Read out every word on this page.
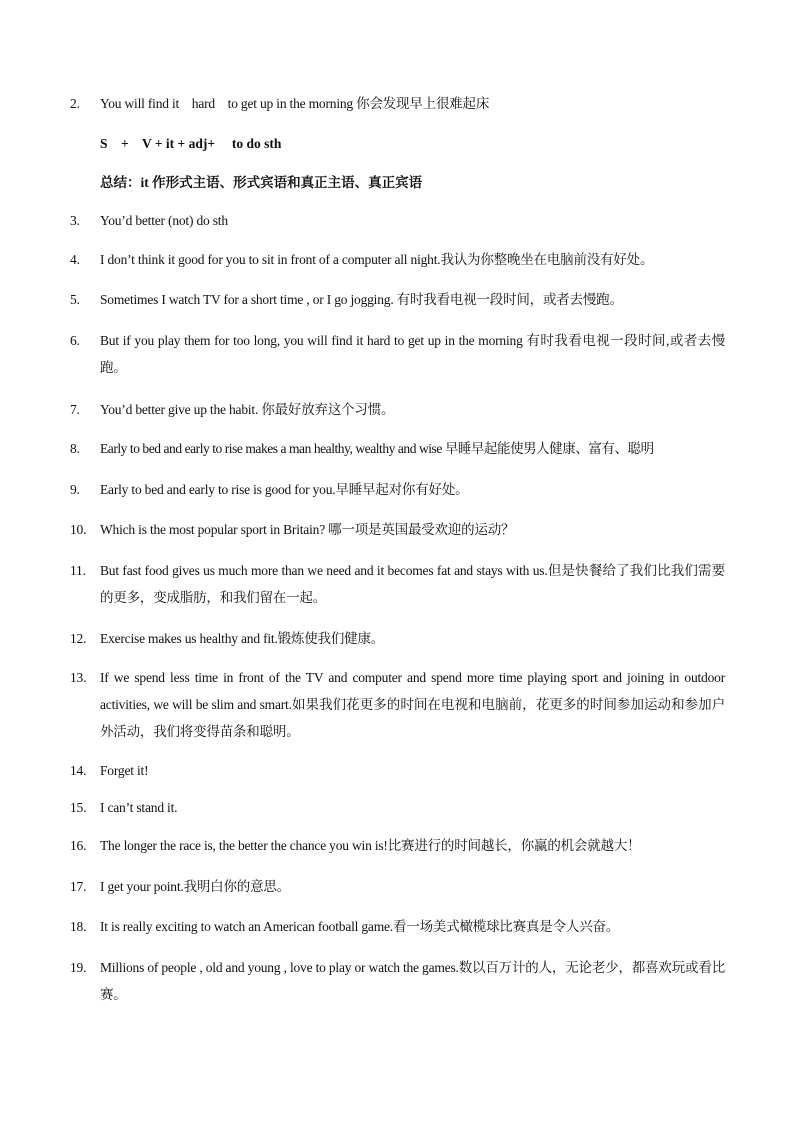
2.	You will find it    hard    to get up in the morning 你会发现早上很难起床
S    +    V + it + adj+     to do sth
总结：it 作形式主语、形式宾语和真正主语、真正宾语
3.	You’d better (not) do sth
4.	I don’t think it good for you to sit in front of a computer all night.我认为你整晚坐在电脑前没有好处。
5.	Sometimes I watch TV for a short time , or I go jogging. 有时我看电视一段时间，或者去慢跑。
6.	But if you play them for too long, you will find it hard to get up in the morning 有时我看电视一段时间,或者去慢跑。
7.	You’d better give up the habit. 你最好放弃这个习惯。
8.	Early to bed and early to rise makes a man healthy, wealthy and wise 早睡早起能使男人健康、富有、聪明
9.	Early to bed and early to rise is good for you.早睡早起对你有好处。
10.	Which is the most popular sport in Britain? 哪一项是英国最受欢迎的运动？
11.	But fast food gives us much more than we need and it becomes fat and stays with us.但是快餐给了我们比我们需要的更多，变成脂肪，和我们留在一起。
12.	Exercise makes us healthy and fit.锻炼使我们健康。
13.	If we spend less time in front of the TV and computer and spend more time playing sport and joining in outdoor activities, we will be slim and smart.如果我们花更多的时间在电视和电脑前，花更多的时间参加运动和参加户外活动，我们将变得苗条和聪明。
14.	Forget it!
15.	I can’t stand it.
16.	The longer the race is, the better the chance you win is!比赛进行的时间越长，你赢的机会就越大！
17.	I get your point.我明白你的意思。
18.	It is really exciting to watch an American football game.看一场美式橄榄球比赛真是令人兴奋。
19.	Millions of people , old and young , love to play or watch the games.数以百万计的人，无论老少，都喜欢玩或看比赛。
